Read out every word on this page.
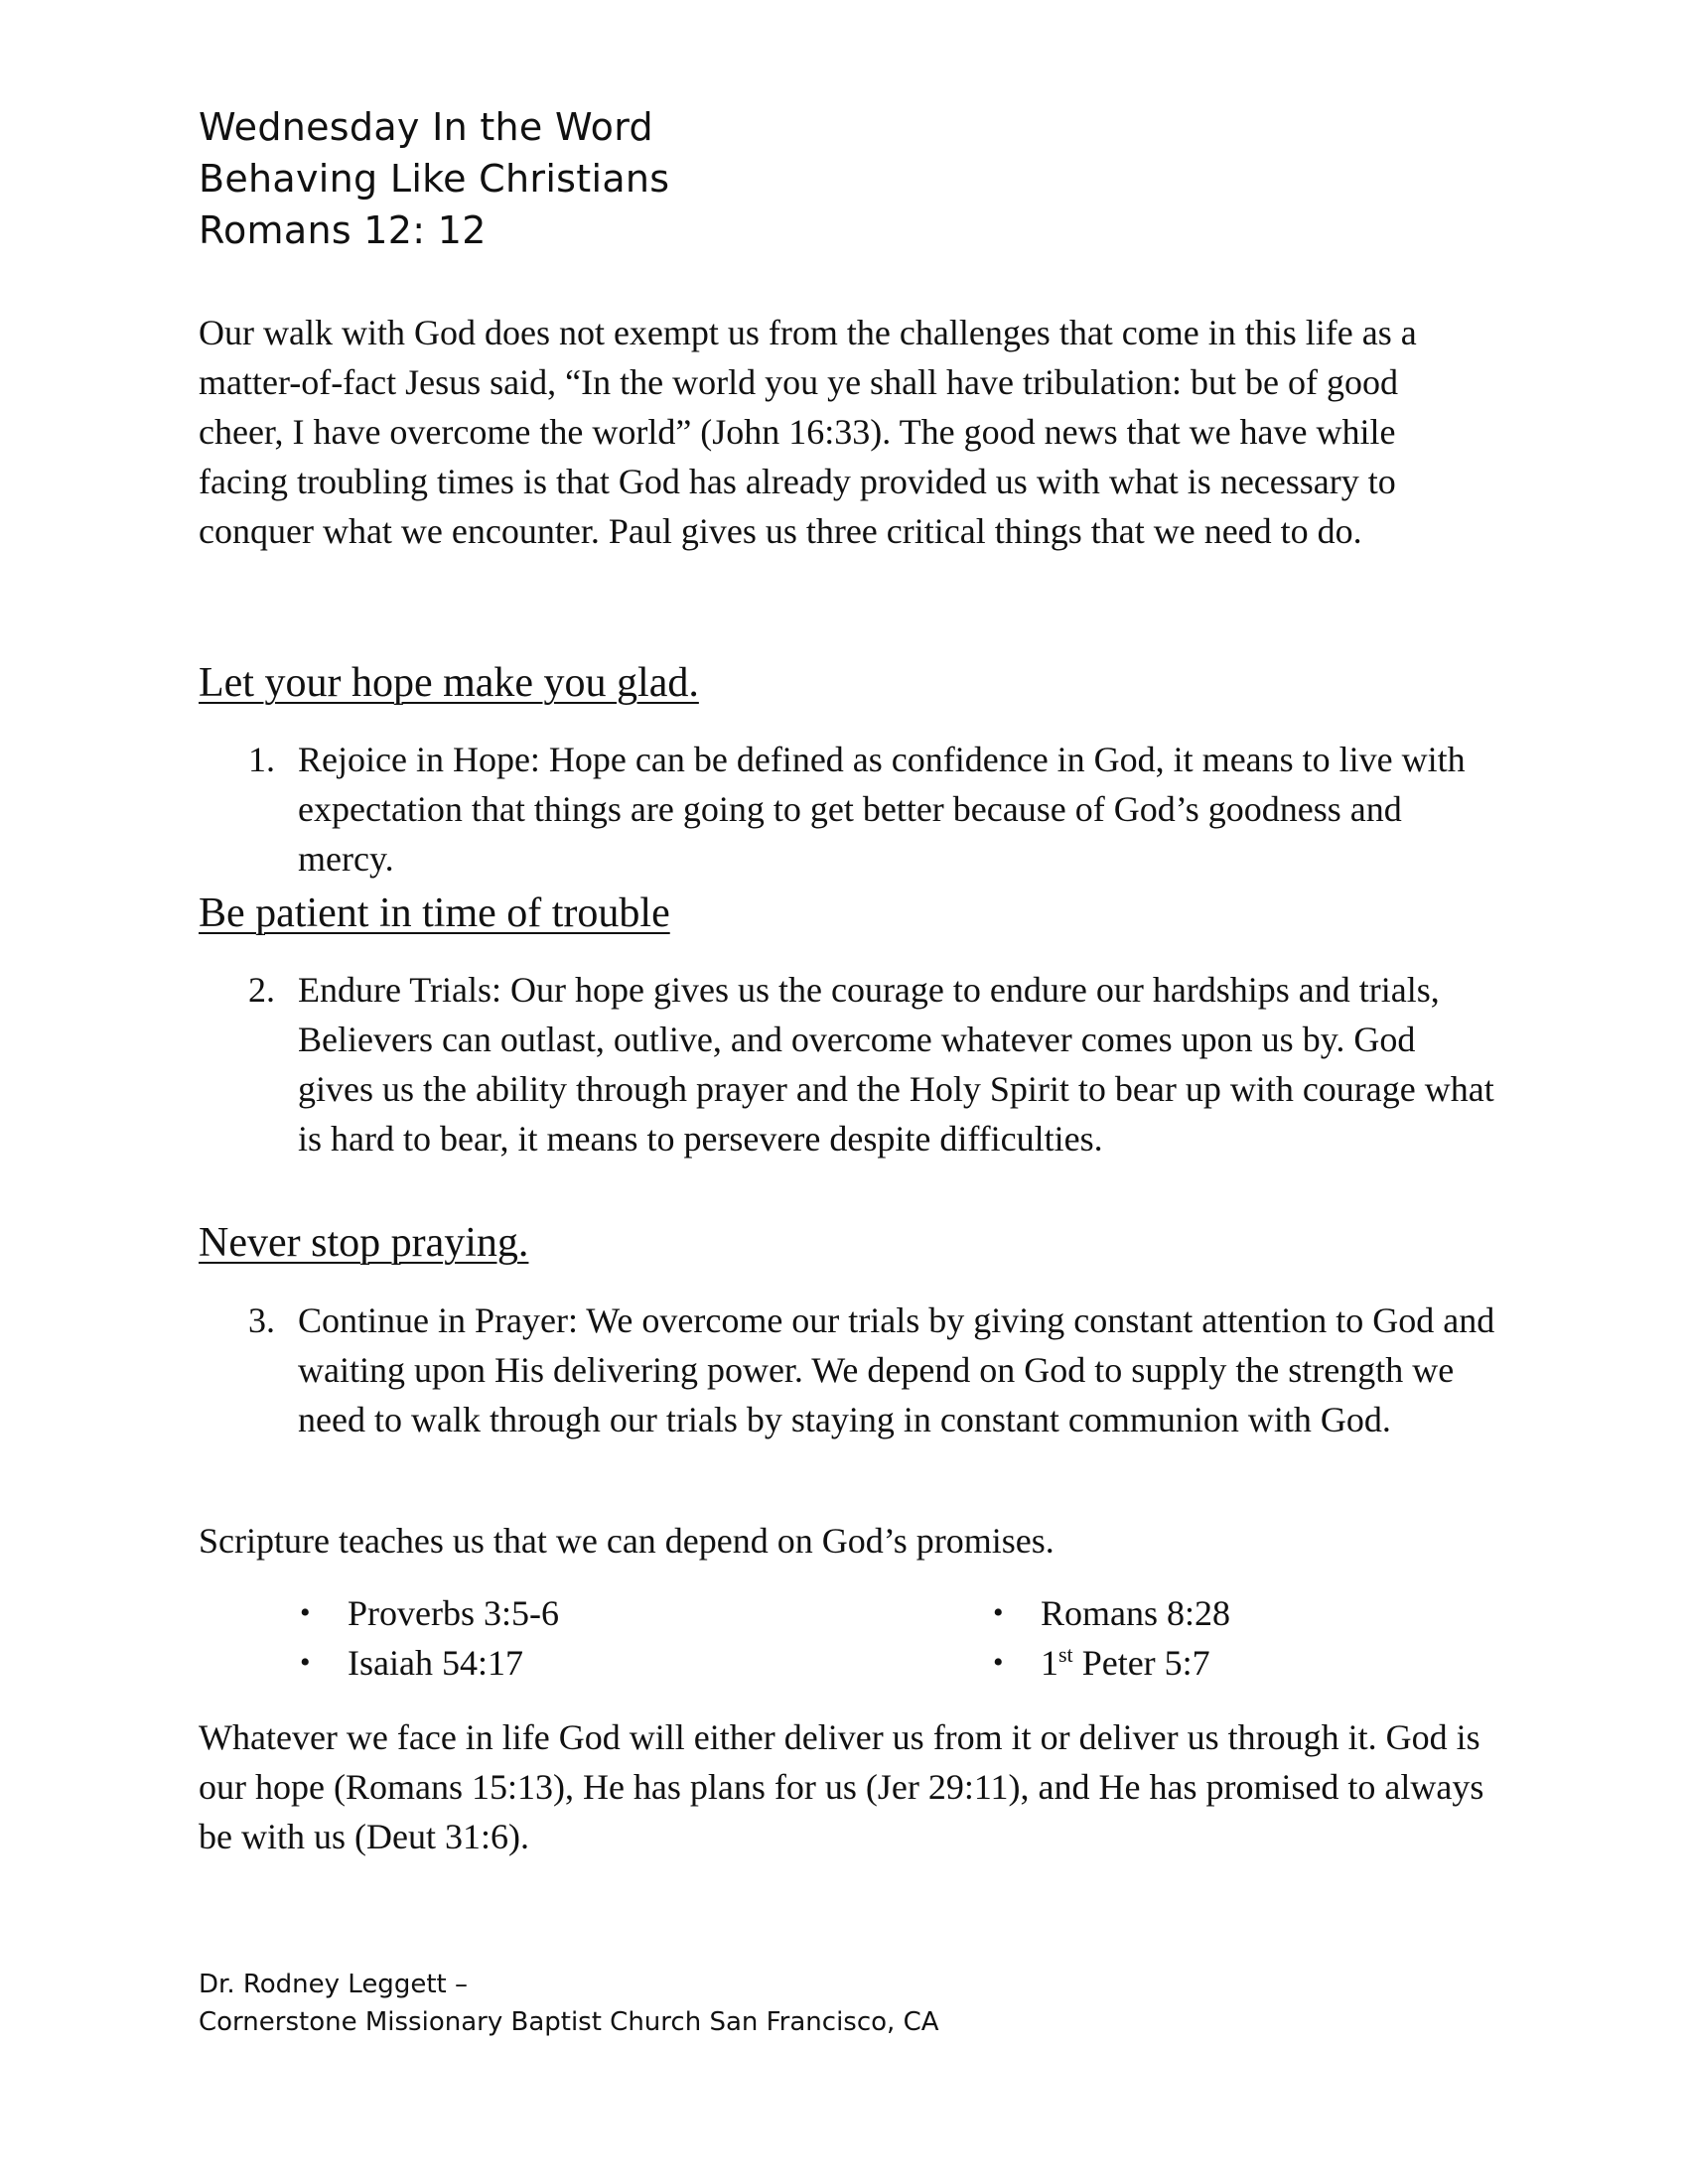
Wednesday In the Word
Behaving Like Christians
Romans 12: 12
Our walk with God does not exempt us from the challenges that come in this life as a matter-of-fact Jesus said, “In the world you ye shall have tribulation: but be of good cheer, I have overcome the world” (John 16:33). The good news that we have while facing troubling times is that God has already provided us with what is necessary to conquer what we encounter. Paul gives us three critical things that we need to do.
Let your hope make you glad.
1. Rejoice in Hope: Hope can be defined as confidence in God, it means to live with expectation that things are going to get better because of God’s goodness and mercy.
Be patient in time of trouble
2. Endure Trials: Our hope gives us the courage to endure our hardships and trials, Believers can outlast, outlive, and overcome whatever comes upon us by. God gives us the ability through prayer and the Holy Spirit to bear up with courage what is hard to bear, it means to persevere despite difficulties.
Never stop praying.
3. Continue in Prayer: We overcome our trials by giving constant attention to God and waiting upon His delivering power. We depend on God to supply the strength we need to walk through our trials by staying in constant communion with God.
Scripture teaches us that we can depend on God’s promises.
• Proverbs 3:5-6
• Isaiah 54:17
• Romans 8:28
• 1st Peter 5:7
Whatever we face in life God will either deliver us from it or deliver us through it. God is our hope (Romans 15:13), He has plans for us (Jer 29:11), and He has promised to always be with us (Deut 31:6).
Dr. Rodney Leggett –
Cornerstone Missionary Baptist Church San Francisco, CA
